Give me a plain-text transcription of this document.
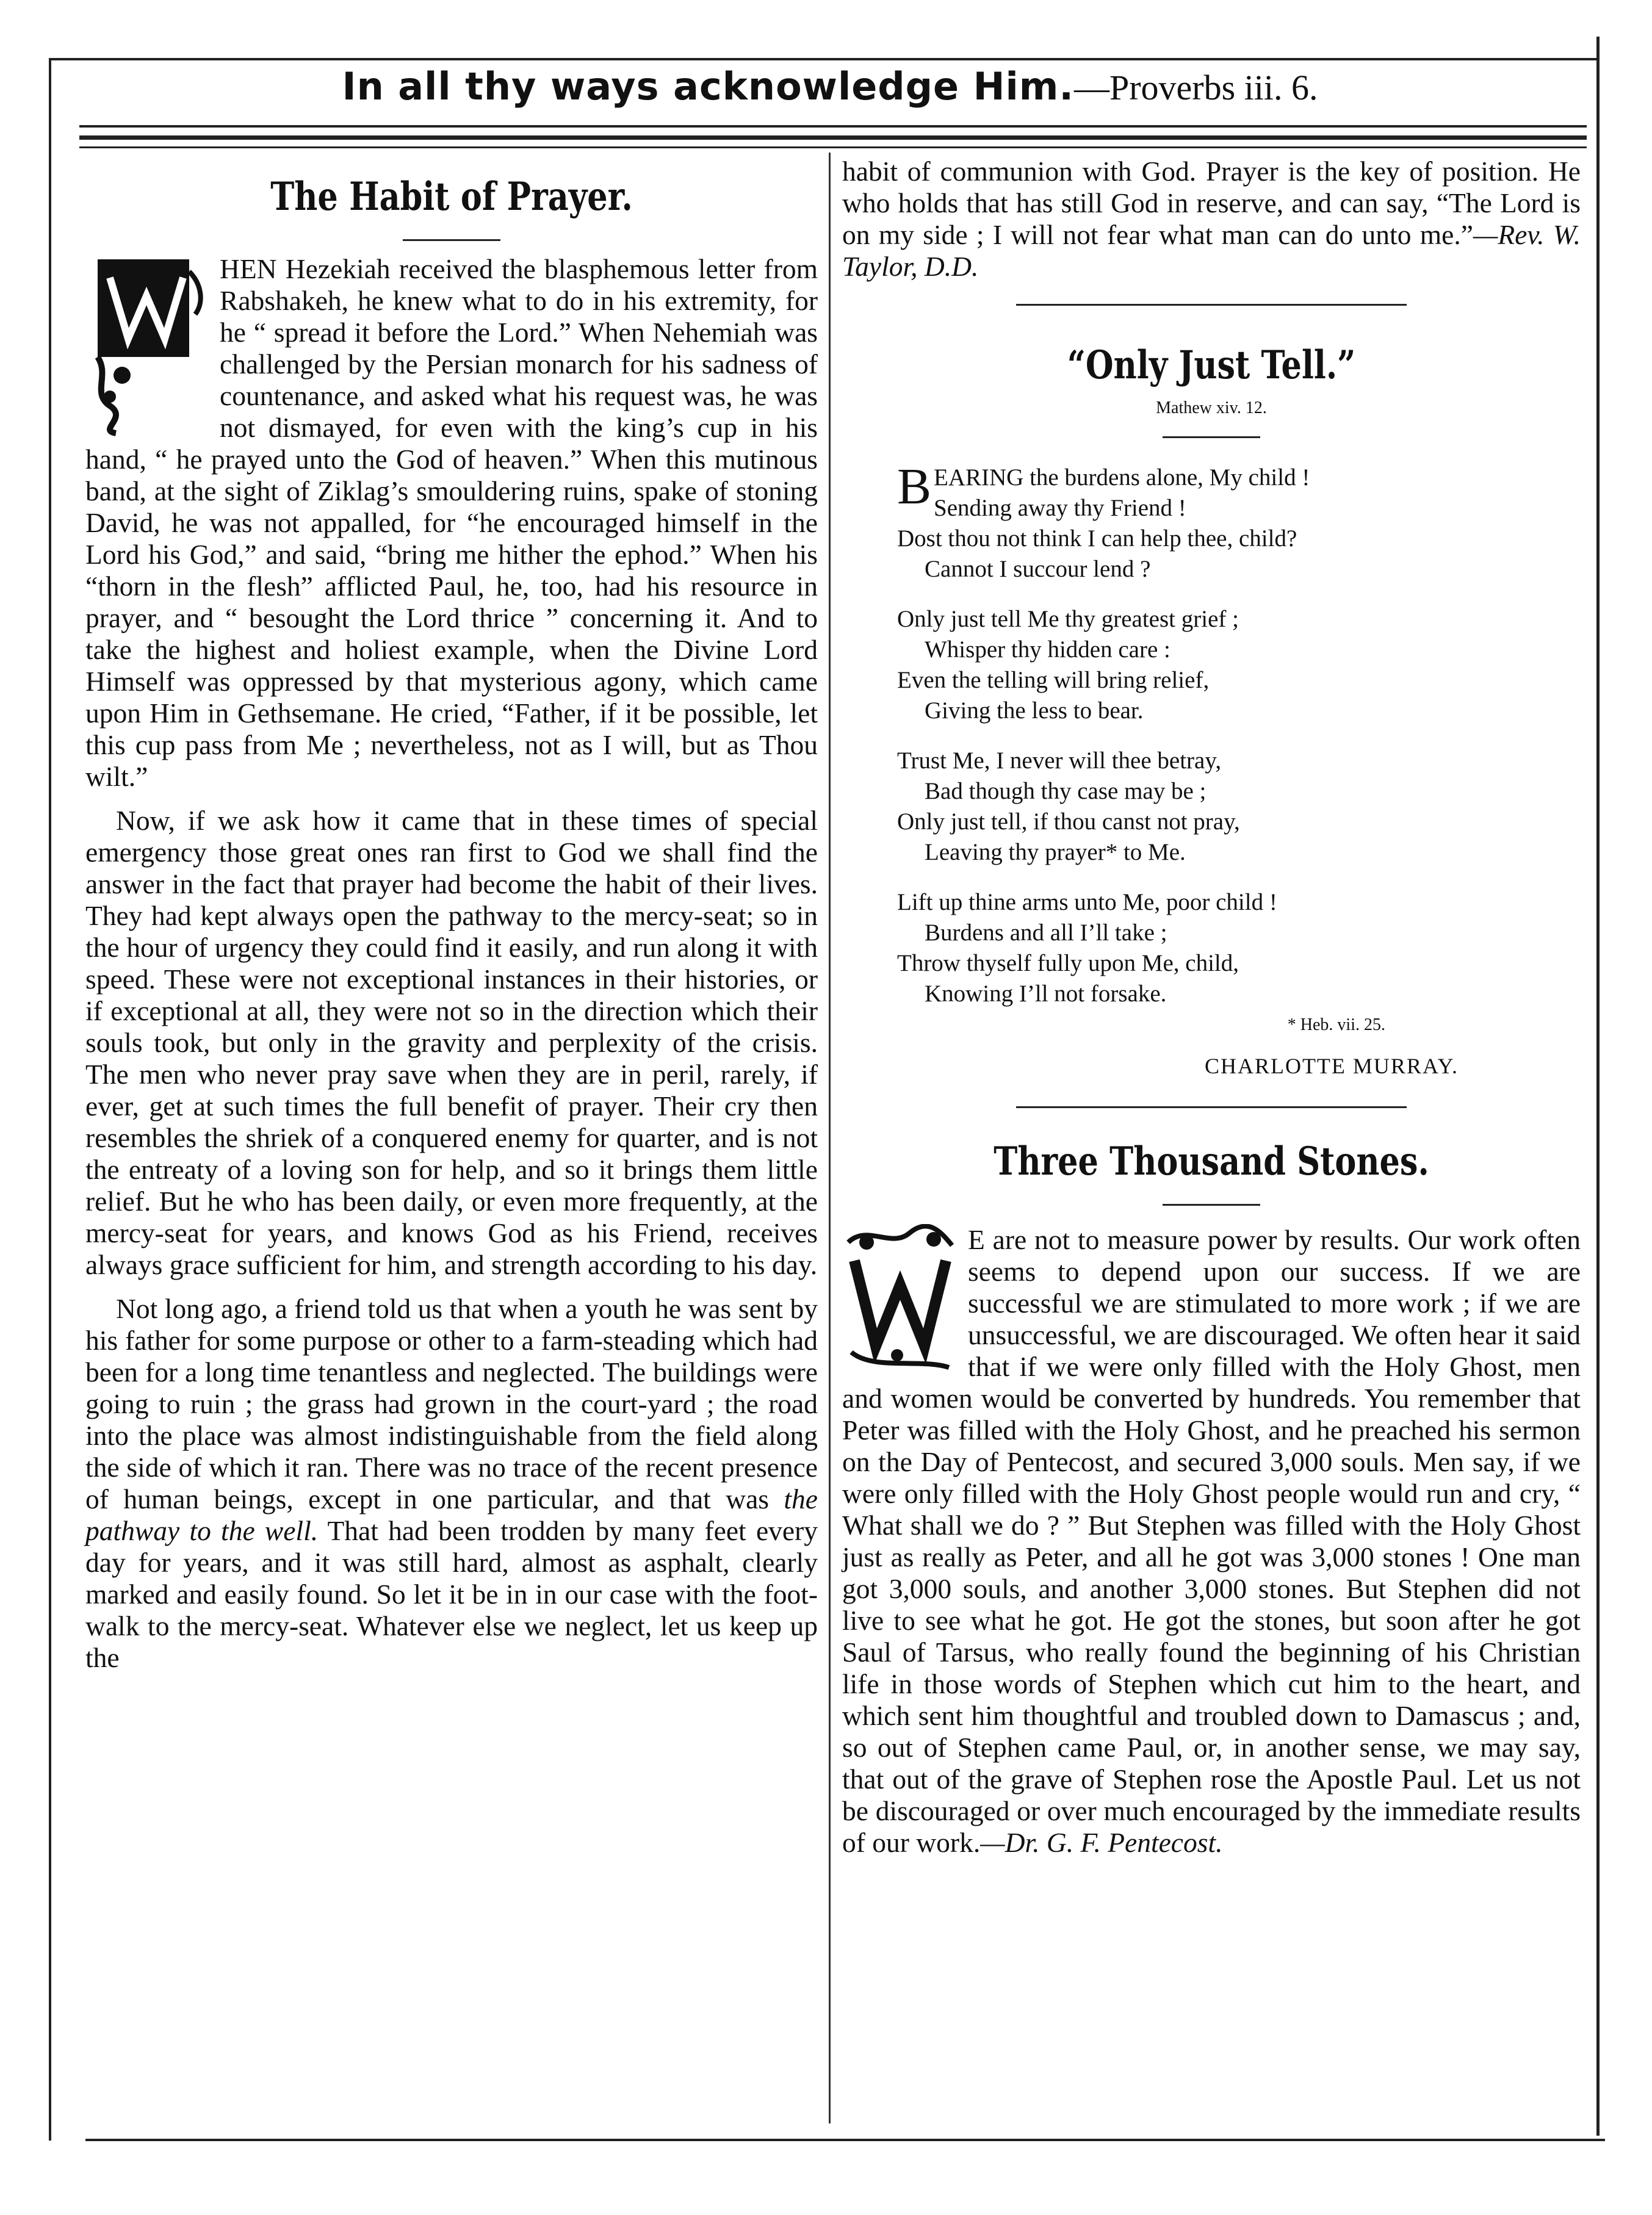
In all thy ways acknowledge Him.—Proverbs iii. 6.
The Habit of Prayer.

HEN Hezekiah received the blasphemous letter from Rabshakeh, he knew what to do in his extremity, for he “ spread it before the Lord.” When Nehemiah was challenged by the Persian monarch for his sadness of countenance, and asked what his request was, he was not dismayed, for even with the king’s cup in his hand, “ he prayed unto the God of heaven.” When this mutinous band, at the sight of Ziklag’s smouldering ruins, spake of stoning David, he was not appalled, for “he encouraged himself in the Lord his God,” and said, “bring me hither the ephod.” When his “thorn in the flesh” afflicted Paul, he, too, had his resource in prayer, and “ besought the Lord thrice ” concerning it. And to take the highest and holiest example, when the Divine Lord Himself was oppressed by that mysterious agony, which came upon Him in Gethsemane. He cried, “Father, if it be possible, let this cup pass from Me ; nevertheless, not as I will, but as Thou wilt.”

Now, if we ask how it came that in these times of special emergency those great ones ran first to God we shall find the answer in the fact that prayer had become the habit of their lives. They had kept always open the pathway to the mercy-seat; so in the hour of urgency they could find it easily, and run along it with speed. These were not exceptional instances in their histories, or if exceptional at all, they were not so in the direction which their souls took, but only in the gravity and perplexity of the crisis. The men who never pray save when they are in peril, rarely, if ever, get at such times the full benefit of prayer. Their cry then resembles the shriek of a conquered enemy for quarter, and is not the entreaty of a loving son for help, and so it brings them little relief. But he who has been daily, or even more frequently, at the mercy-seat for years, and knows God as his Friend, receives always grace sufficient for him, and strength according to his day.

Not long ago, a friend told us that when a youth he was sent by his father for some purpose or other to a farm-steading which had been for a long time tenantless and neglected. The buildings were going to ruin ; the grass had grown in the court-yard ; the road into the place was almost indistinguishable from the field along the side of which it ran. There was no trace of the recent presence of human beings, except in one particular, and that was the pathway to the well. That had been trodden by many feet every day for years, and it was still hard, almost as asphalt, clearly marked and easily found. So let it be in in our case with the foot-walk to the mercy-seat. Whatever else we neglect, let us keep up the

habit of communion with God. Prayer is the key of position. He who holds that has still God in reserve, and can say, “The Lord is on my side ; I will not fear what man can do unto me.”—Rev. W. Taylor, D.D.

“Only Just Tell.”
Mathew xiv. 12.
BEARING the burdens alone, My child !
Sending away thy Friend !
Dost thou not think I can help thee, child?
Cannot I succour lend ?
Only just tell Me thy greatest grief ;
Whisper thy hidden care :
Even the telling will bring relief,
Giving the less to bear.
Trust Me, I never will thee betray,
Bad though thy case may be ;
Only just tell, if thou canst not pray,
Leaving thy prayer* to Me.
Lift up thine arms unto Me, poor child !
Burdens and all I’ll take ;
Throw thyself fully upon Me, child,
Knowing I’ll not forsake.
* Heb. vii. 25.
CHARLOTTE MURRAY.
Three Thousand Stones.

E are not to measure power by results. Our work often seems to depend upon our success. If we are successful we are stimulated to more work ; if we are unsuccessful, we are discouraged. We often hear it said that if we were only filled with the Holy Ghost, men and women would be converted by hundreds. You remember that Peter was filled with the Holy Ghost, and he preached his sermon on the Day of Pentecost, and secured 3,000 souls. Men say, if we were only filled with the Holy Ghost people would run and cry, “ What shall we do ? ” But Stephen was filled with the Holy Ghost just as really as Peter, and all he got was 3,000 stones ! One man got 3,000 souls, and another 3,000 stones. But Stephen did not live to see what he got. He got the stones, but soon after he got Saul of Tarsus, who really found the beginning of his Christian life in those words of Stephen which cut him to the heart, and which sent him thoughtful and troubled down to Damascus ; and, so out of Stephen came Paul, or, in another sense, we may say, that out of the grave of Stephen rose the Apostle Paul. Let us not be discouraged or over much encouraged by the immediate results of our work.—Dr. G. F. Pentecost.
